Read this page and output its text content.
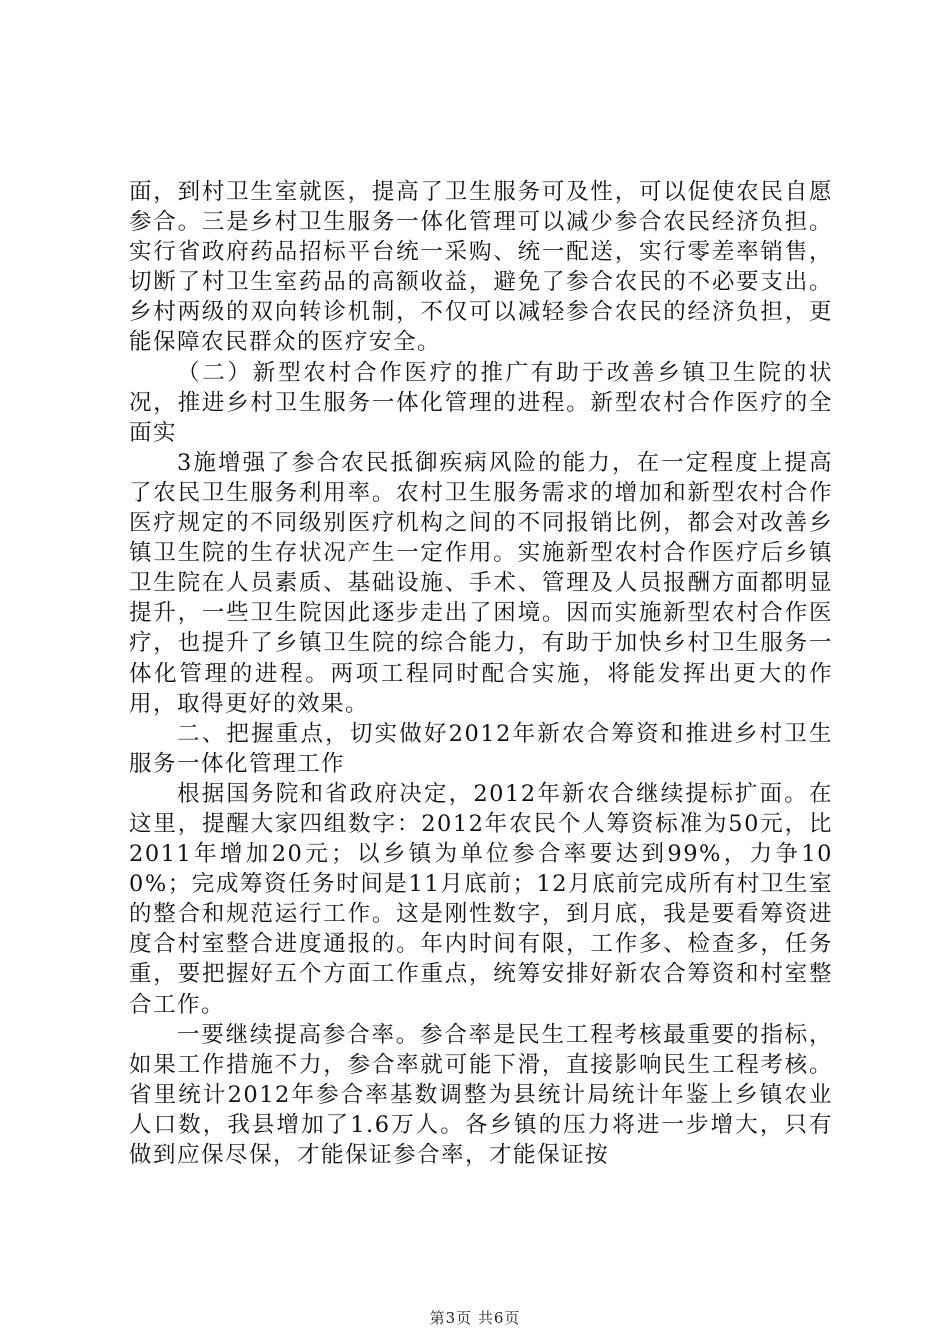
面，到村卫生室就医，提高了卫生服务可及性，可以促使农民自愿参合。三是乡村卫生服务一体化管理可以减少参合农民经济负担。实行省政府药品招标平台统一采购、统一配送，实行零差率销售，切断了村卫生室药品的高额收益，避免了参合农民的不必要支出。乡村两级的双向转诊机制，不仅可以减轻参合农民的经济负担，更能保障农民群众的医疗安全。

（二）新型农村合作医疗的推广有助于改善乡镇卫生院的状况，推进乡村卫生服务一体化管理的进程。新型农村合作医疗的全面实

3施增强了参合农民抵御疾病风险的能力，在一定程度上提高了农民卫生服务利用率。农村卫生服务需求的增加和新型农村合作医疗规定的不同级别医疗机构之间的不同报销比例，都会对改善乡镇卫生院的生存状况产生一定作用。实施新型农村合作医疗后乡镇卫生院在人员素质、基础设施、手术、管理及人员报酬方面都明显提升，一些卫生院因此逐步走出了困境。因而实施新型农村合作医疗，也提升了乡镇卫生院的综合能力，有助于加快乡村卫生服务一体化管理的进程。两项工程同时配合实施，将能发挥出更大的作用，取得更好的效果。

二、把握重点，切实做好2012年新农合筹资和推进乡村卫生服务一体化管理工作

根据国务院和省政府决定，2012年新农合继续提标扩面。在这里，提醒大家四组数字：2012年农民个人筹资标准为50元，比2011年增加20元；以乡镇为单位参合率要达到99%，力争100%；完成筹资任务时间是11月底前；12月底前完成所有村卫生室的整合和规范运行工作。这是刚性数字，到月底，我是要看筹资进度合村室整合进度通报的。年内时间有限，工作多、检查多，任务重，要把握好五个方面工作重点，统筹安排好新农合筹资和村室整合工作。

一要继续提高参合率。参合率是民生工程考核最重要的指标，如果工作措施不力，参合率就可能下滑，直接影响民生工程考核。省里统计2012年参合率基数调整为县统计局统计年鉴上乡镇农业人口数，我县增加了1.6万人。各乡镇的压力将进一步增大，只有做到应保尽保，才能保证参合率，才能保证按

第3页 共6页
